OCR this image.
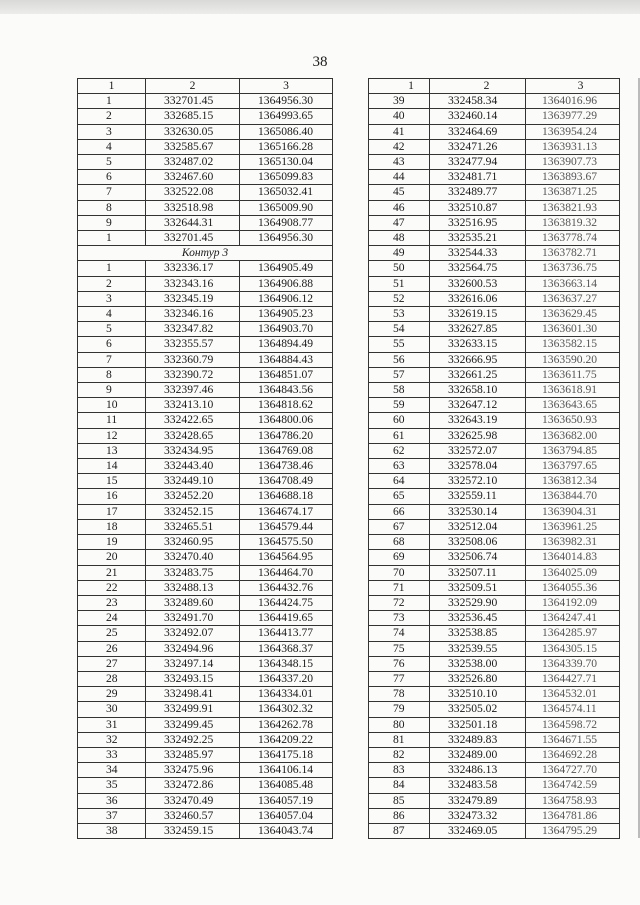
38
1	2	3
1	332701.45	1364956.30
2	332685.15	1364993.65
3	332630.05	1365086.40
4	332585.67	1365166.28
5	332487.02	1365130.04
6	332467.60	1365099.83
7	332522.08	1365032.41
8	332518.98	1365009.90
9	332644.31	1364908.77
1	332701.45	1364956.30
Контур 3		
1	332336.17	1364905.49
2	332343.16	1364906.88
3	332345.19	1364906.12
4	332346.16	1364905.23
5	332347.82	1364903.70
6	332355.57	1364894.49
7	332360.79	1364884.43
8	332390.72	1364851.07
9	332397.46	1364843.56
10	332413.10	1364818.62
11	332422.65	1364800.06
12	332428.65	1364786.20
13	332434.95	1364769.08
14	332443.40	1364738.46
15	332449.10	1364708.49
16	332452.20	1364688.18
17	332452.15	1364674.17
18	332465.51	1364579.44
19	332460.95	1364575.50
20	332470.40	1364564.95
21	332483.75	1364464.70
22	332488.13	1364432.76
23	332489.60	1364424.75
24	332491.70	1364419.65
25	332492.07	1364413.77
26	332494.96	1364368.37
27	332497.14	1364348.15
28	332493.15	1364337.20
29	332498.41	1364334.01
30	332499.91	1364302.32
31	332499.45	1364262.78
32	332492.25	1364209.22
33	332485.97	1364175.18
34	332475.96	1364106.14
35	332472.86	1364085.48
36	332470.49	1364057.19
37	332460.57	1364057.04
38	332459.15	1364043.74
1	2	3
39	332458.34	1364016.96
40	332460.14	1363977.29
41	332464.69	1363954.24
42	332471.26	1363931.13
43	332477.94	1363907.73
44	332481.71	1363893.67
45	332489.77	1363871.25
46	332510.87	1363821.93
47	332516.95	1363819.32
48	332535.21	1363778.74
49	332544.33	1363782.71
50	332564.75	1363736.75
51	332600.53	1363663.14
52	332616.06	1363637.27
53	332619.15	1363629.45
54	332627.85	1363601.30
55	332633.15	1363582.15
56	332666.95	1363590.20
57	332661.25	1363611.75
58	332658.10	1363618.91
59	332647.12	1363643.65
60	332643.19	1363650.93
61	332625.98	1363682.00
62	332572.07	1363794.85
63	332578.04	1363797.65
64	332572.10	1363812.34
65	332559.11	1363844.70
66	332530.14	1363904.31
67	332512.04	1363961.25
68	332508.06	1363982.31
69	332506.74	1364014.83
70	332507.11	1364025.09
71	332509.51	1364055.36
72	332529.90	1364192.09
73	332536.45	1364247.41
74	332538.85	1364285.97
75	332539.55	1364305.15
76	332538.00	1364339.70
77	332526.80	1364427.71
78	332510.10	1364532.01
79	332505.02	1364574.11
80	332501.18	1364598.72
81	332489.83	1364671.55
82	332489.00	1364692.28
83	332486.13	1364727.70
84	332483.58	1364742.59
85	332479.89	1364758.93
86	332473.32	1364781.86
87	332469.05	1364795.29
